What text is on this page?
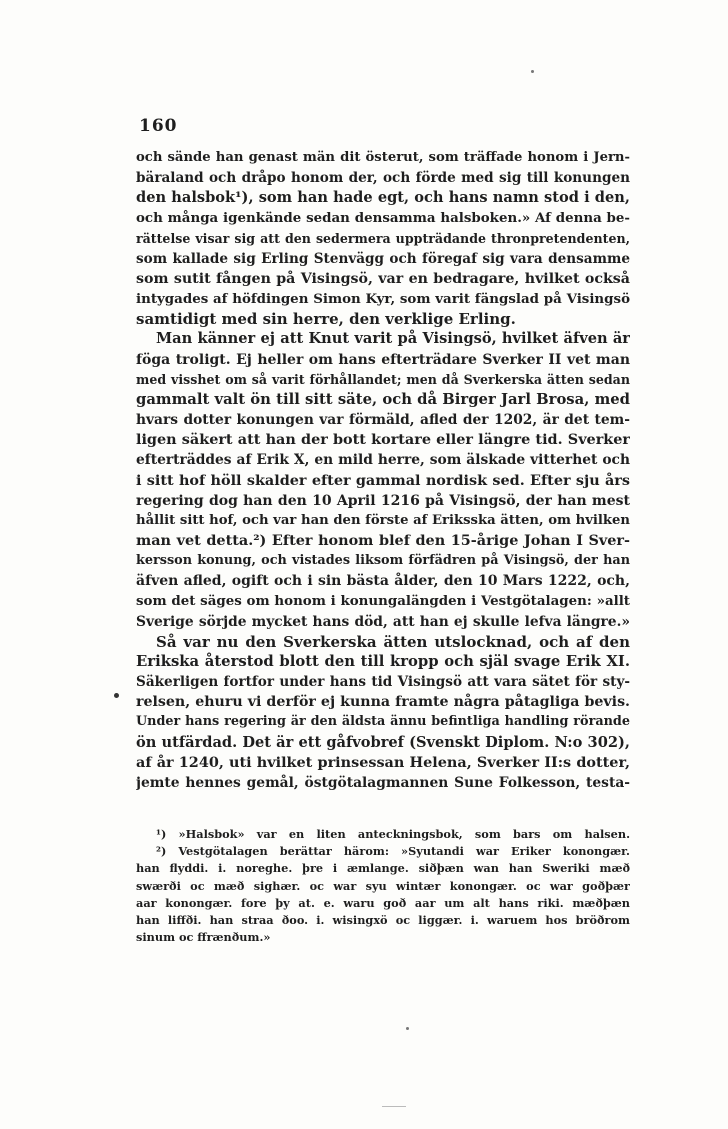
160
och sände han genast män dit österut, som träffade honom i Jern-
bäraland och dråpo honom der, och förde med sig till konungen
den halsbok¹), som han hade egt, och hans namn stod i den,
och många igenkände sedan densamma halsboken.» Af denna be-
rättelse visar sig att den sedermera uppträdande thronpretendenten,
som kallade sig Erling Stenvägg och föregaf sig vara densamme
som sutit fången på Visingsö, var en bedragare, hvilket också
intygades af höfdingen Simon Kyr, som varit fängslad på Visingsö
samtidigt med sin herre, den verklige Erling.
Man känner ej att Knut varit på Visingsö, hvilket äfven är
föga troligt. Ej heller om hans efterträdare Sverker II vet man
med visshet om så varit förhållandet; men då Sverkerska ätten sedan
gammalt valt ön till sitt säte, och då Birger Jarl Brosa, med
hvars dotter konungen var förmäld, afled der 1202, är det tem-
ligen säkert att han der bott kortare eller längre tid. Sverker
efterträddes af Erik X, en mild herre, som älskade vitterhet och
i sitt hof höll skalder efter gammal nordisk sed. Efter sju års
regering dog han den 10 April 1216 på Visingsö, der han mest
hållit sitt hof, och var han den förste af Eriksska ätten, om hvilken
man vet detta.²) Efter honom blef den 15-årige Johan I Sver-
kersson konung, och vistades liksom förfädren på Visingsö, der han
äfven afled, ogift och i sin bästa ålder, den 10 Mars 1222, och,
som det säges om honom i konungalängden i Vestgötalagen: »allt
Sverige sörjde mycket hans död, att han ej skulle lefva längre.»
Så var nu den Sverkerska ätten utslocknad, och af den
Erikska återstod blott den till kropp och själ svage Erik XI.
Säkerligen fortfor under hans tid Visingsö att vara sätet för sty-
relsen, ehuru vi derför ej kunna framte några påtagliga bevis.
Under hans regering är den äldsta ännu befintliga handling rörande
ön utfärdad. Det är ett gåfvobref (Svenskt Diplom. N:o 302),
af år 1240, uti hvilket prinsessan Helena, Sverker II:s dotter,
jemte hennes gemål, östgötalagmannen Sune Folkesson, testa-
¹) »Halsbok» var en liten anteckningsbok, som bars om halsen.
²) Vestgötalagen berättar härom: »Syutandi war Eriker konongær.
han flyddi. i. noreghe. þre i æmlange. siðþæn wan han Sweriki mæð
swærði oc mæð sighær. oc war syu wintær konongær. oc war goðþær
aar konongær. fore þy at. e. waru goð aar um alt hans riki. mæðþæn
han liffði. han straa ðoo. i. wisingxö oc liggær. i. waruem hos bröðrom
sinum oc ffrænðum.»
